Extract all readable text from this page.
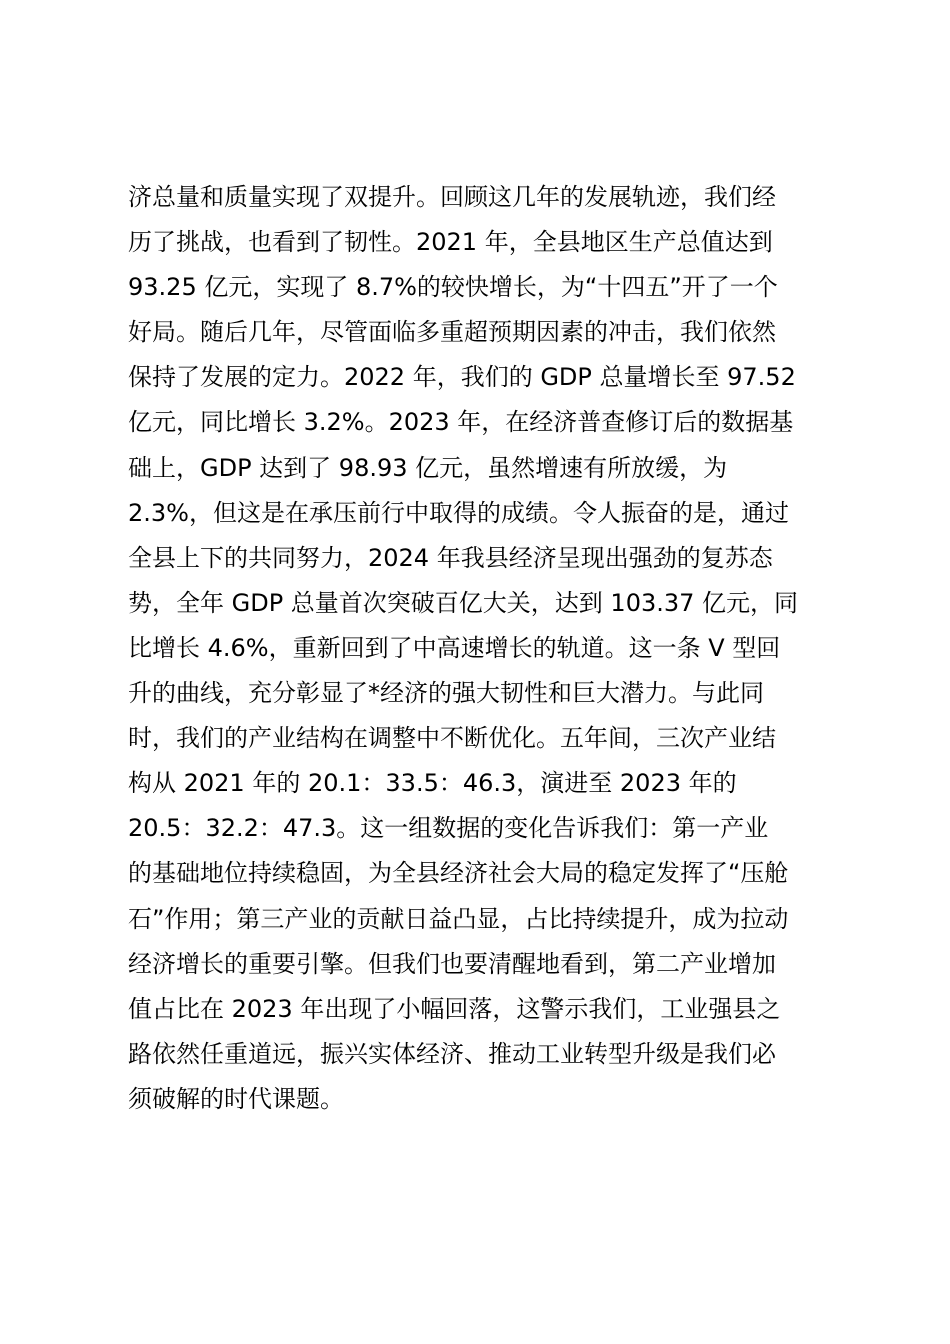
济总量和质量实现了双提升。回顾这几年的发展轨迹，我们经
历了挑战，也看到了韧性。2021 年，全县地区生产总值达到
93.25 亿元，实现了 8.7%的较快增长，为“十四五”开了一个
好局。随后几年，尽管面临多重超预期因素的冲击，我们依然
保持了发展的定力。2022 年，我们的 GDP 总量增长至 97.52
亿元，同比增长 3.2%。2023 年，在经济普查修订后的数据基
础上，GDP 达到了 98.93 亿元，虽然增速有所放缓，为
2.3%，但这是在承压前行中取得的成绩。令人振奋的是，通过
全县上下的共同努力，2024 年我县经济呈现出强劲的复苏态
势，全年 GDP 总量首次突破百亿大关，达到 103.37 亿元，同
比增长 4.6%，重新回到了中高速增长的轨道。这一条 V 型回
升的曲线，充分彰显了*经济的强大韧性和巨大潜力。与此同
时，我们的产业结构在调整中不断优化。五年间，三次产业结
构从 2021 年的 20.1：33.5：46.3，演进至 2023 年的
20.5：32.2：47.3。这一组数据的变化告诉我们：第一产业
的基础地位持续稳固，为全县经济社会大局的稳定发挥了“压舱
石”作用；第三产业的贡献日益凸显，占比持续提升，成为拉动
经济增长的重要引擎。但我们也要清醒地看到，第二产业增加
值占比在 2023 年出现了小幅回落，这警示我们，工业强县之
路依然任重道远，振兴实体经济、推动工业转型升级是我们必
须破解的时代课题。
